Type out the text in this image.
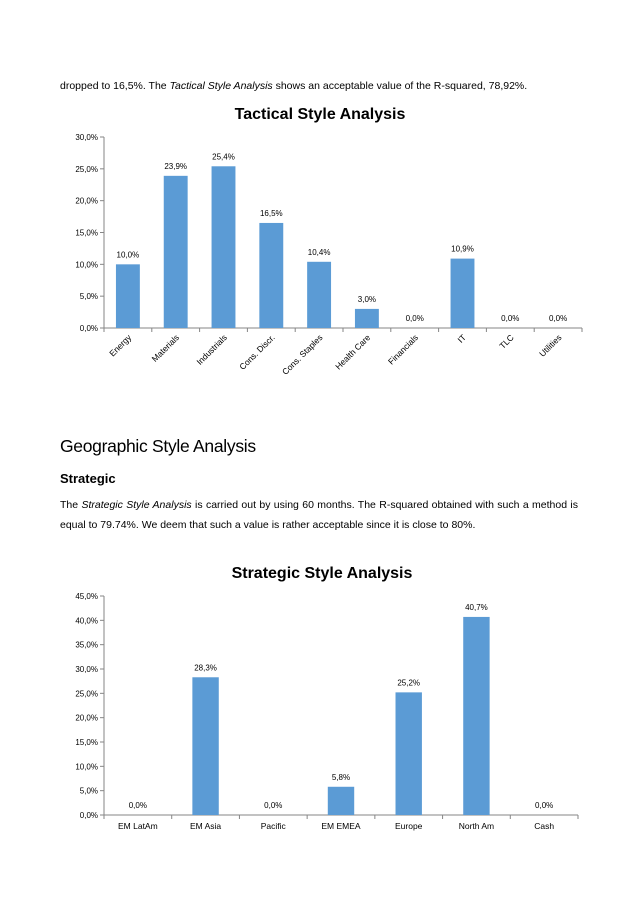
dropped to 16,5%. The Tactical Style Analysis shows an acceptable value of the R-squared, 78,92%.
Tactical Style Analysis
0,0%
5,0%
10,0%
15,0%
20,0%
25,0%
30,0%
10,0%
Energy
23,9%
Materials
25,4%
Industrials
16,5%
Cons. Discr.
10,4%
Cons. Staples
3,0%
Health Care
0,0%
Financials
10,9%
IT
0,0%
TLC
0,0%
Utilities
Geographic Style Analysis
Strategic
The Strategic Style Analysis is carried out by using 60 months. The R-squared obtained with such a method is equal to 79.74%. We deem that such a value is rather acceptable since it is close to 80%.
Strategic Style Analysis
0,0%
5,0%
10,0%
15,0%
20,0%
25,0%
30,0%
35,0%
40,0%
45,0%
0,0%
EM LatAm
28,3%
EM Asia
0,0%
Pacific
5,8%
EM EMEA
25,2%
Europe
40,7%
North Am
0,0%
Cash
